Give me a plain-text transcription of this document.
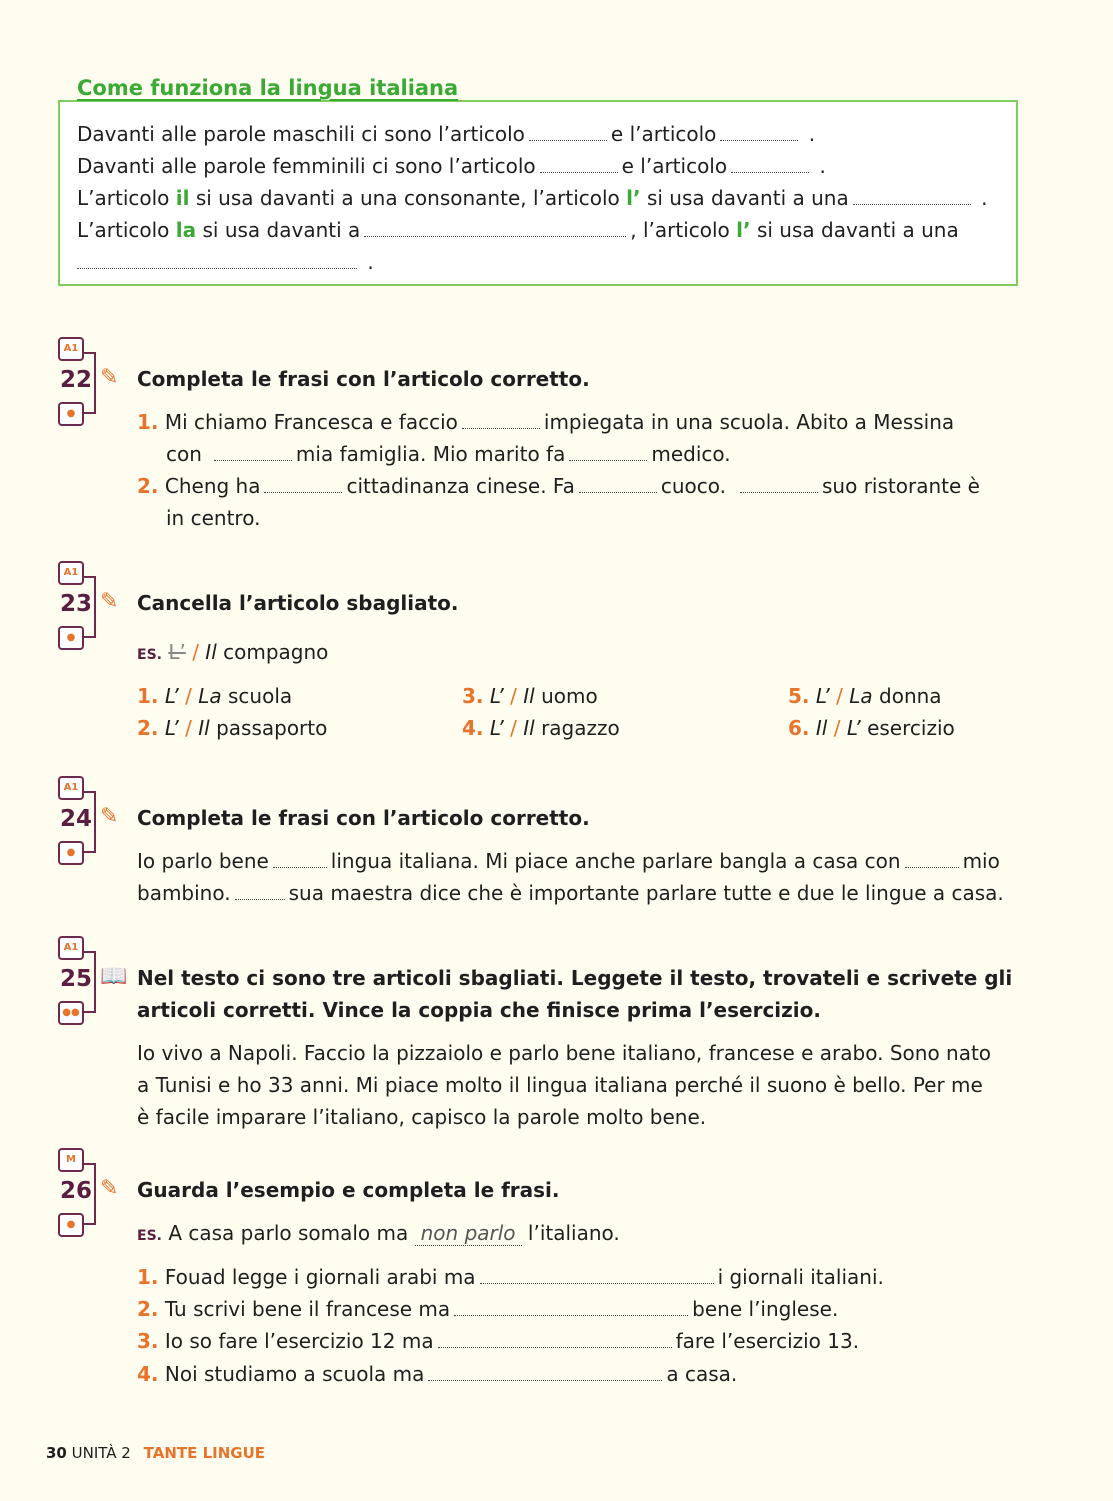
Come funziona la lingua italiana
Davanti alle parole maschili ci sono l’articolo	e l’articolo	.
Davanti alle parole femminili ci sono l’articolo	e l’articolo	.
L’articolo il si usa davanti a una consonante, l’articolo l’ si usa davanti a una	.
L’articolo la si usa davanti a	, l’articolo l’ si usa davanti a una
.
A1
22
●
✎ Completa le frasi con l’articolo corretto.
1. Mi chiamo Francesca e faccio	impiegata in una scuola. Abito a Messina
con	mia famiglia. Mio marito fa	medico.
2. Cheng ha	cittadinanza cinese. Fa	cuoco.	suo ristorante è
in centro.
A1
23
●
✎ Cancella l’articolo sbagliato.
ES. L’ / Il compagno
1. L’ / La scuola
2. L’ / Il passaporto
3. L’ / Il uomo
4. L’ / Il ragazzo
5. L’ / La donna
6. Il / L’ esercizio
A1
24
●
✎ Completa le frasi con l’articolo corretto.
Io parlo bene	lingua italiana. Mi piace anche parlare bangla a casa con	mio
bambino.	sua maestra dice che è importante parlare tutte e due le lingue a casa.
A1
25
●●
📖 Nel testo ci sono tre articoli sbagliati. Leggete il testo, trovateli e scrivete gli
articoli corretti. Vince la coppia che finisce prima l’esercizio.
Io vivo a Napoli. Faccio la pizzaiolo e parlo bene italiano, francese e arabo. Sono nato
a Tunisi e ho 33 anni. Mi piace molto il lingua italiana perché il suono è bello. Per me
è facile imparare l’italiano, capisco la parole molto bene.
M
26
●
✎ Guarda l’esempio e completa le frasi.
ES. A casa parlo somalo ma non parlo l’italiano.
1. Fouad legge i giornali arabi ma	i giornali italiani.
2. Tu scrivi bene il francese ma	bene l’inglese.
3. Io so fare l’esercizio 12 ma	fare l’esercizio 13.
4. Noi studiamo a scuola ma	a casa.
30 UNITÀ 2 TANTE LINGUE
